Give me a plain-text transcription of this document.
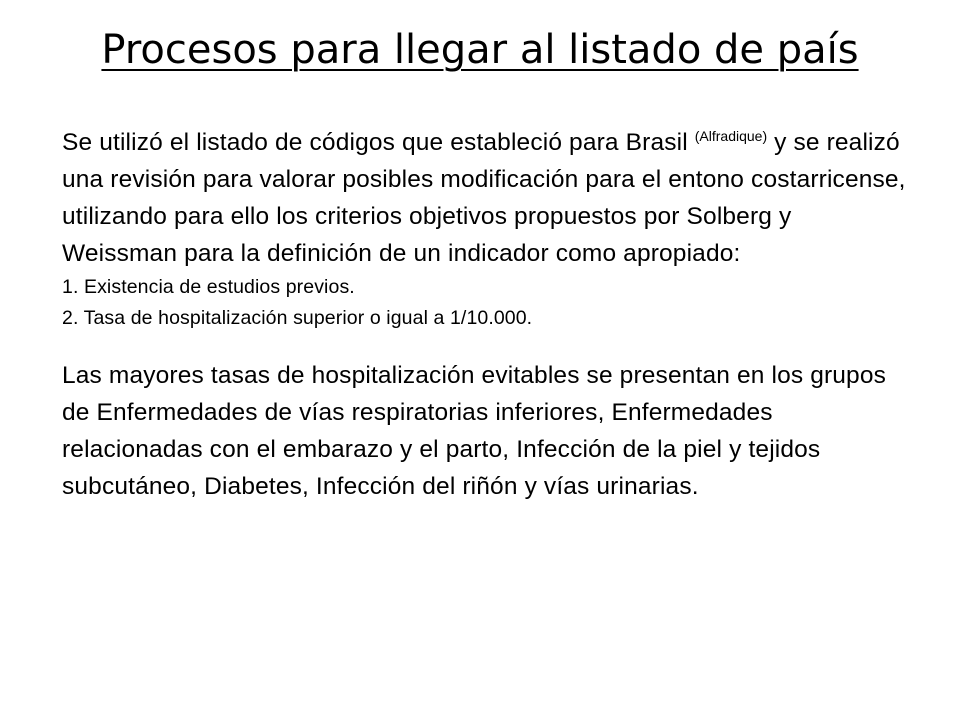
Procesos para llegar al listado de país

Se utilizó el listado de códigos que estableció para Brasil $^{(Alfradique)}$ y se realizó una revisión para valorar posibles modificación para el entono costarricense, utilizando para ello los criterios objetivos propuestos por Solberg y Weissman para la definición de un indicador como apropiado:

1. Existencia de estudios previos.
2. Tasa de hospitalización superior o igual a 1/10.000.

Las mayores tasas de hospitalización evitables se presentan en los grupos de Enfermedades de vías respiratorias inferiores, Enfermedades relacionadas con el embarazo y el parto, Infección de la piel y tejidos subcutáneo, Diabetes, Infección del riñón y vías urinarias.
